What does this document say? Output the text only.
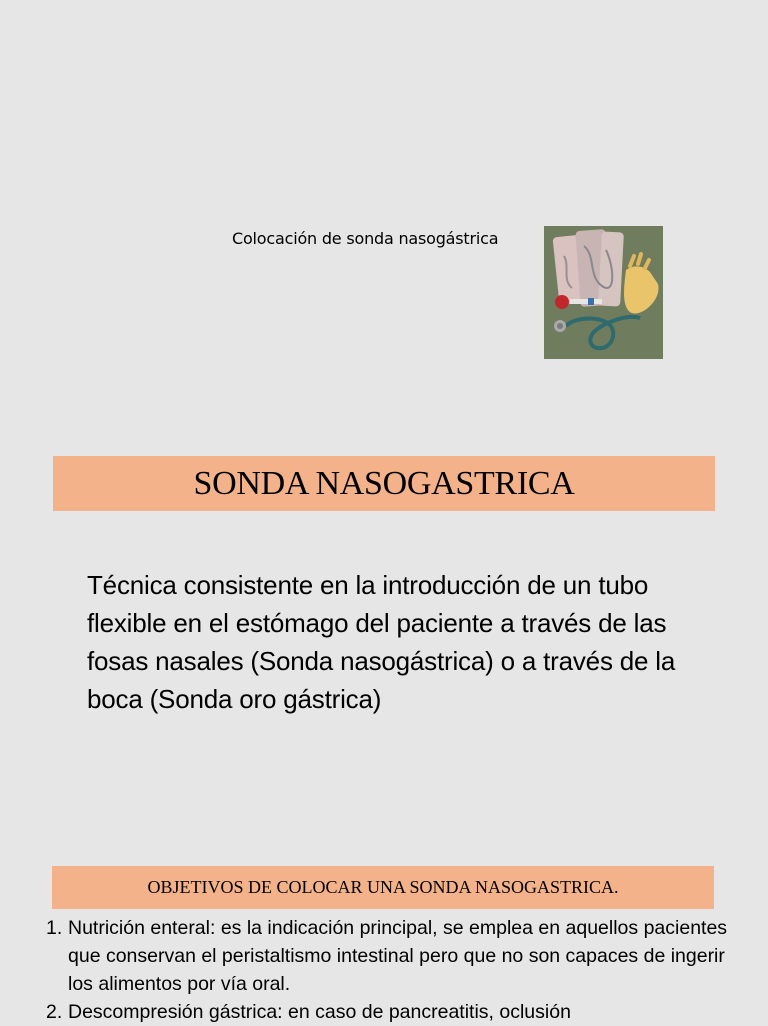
Colocación de sonda nasogástrica
SONDA NASOGASTRICA
Técnica consistente en la introducción de un tubo flexible en el estómago del paciente a través de las fosas nasales (Sonda nasogástrica) o a través de la boca (Sonda oro gástrica)
OBJETIVOS DE COLOCAR UNA SONDA NASOGASTRICA.
1. Nutrición enteral: es la indicación principal, se emplea en aquellos pacientes que conservan el peristaltismo intestinal pero que no son capaces de ingerir los alimentos por vía oral.
2. Descompresión gástrica: en caso de pancreatitis, oclusión
